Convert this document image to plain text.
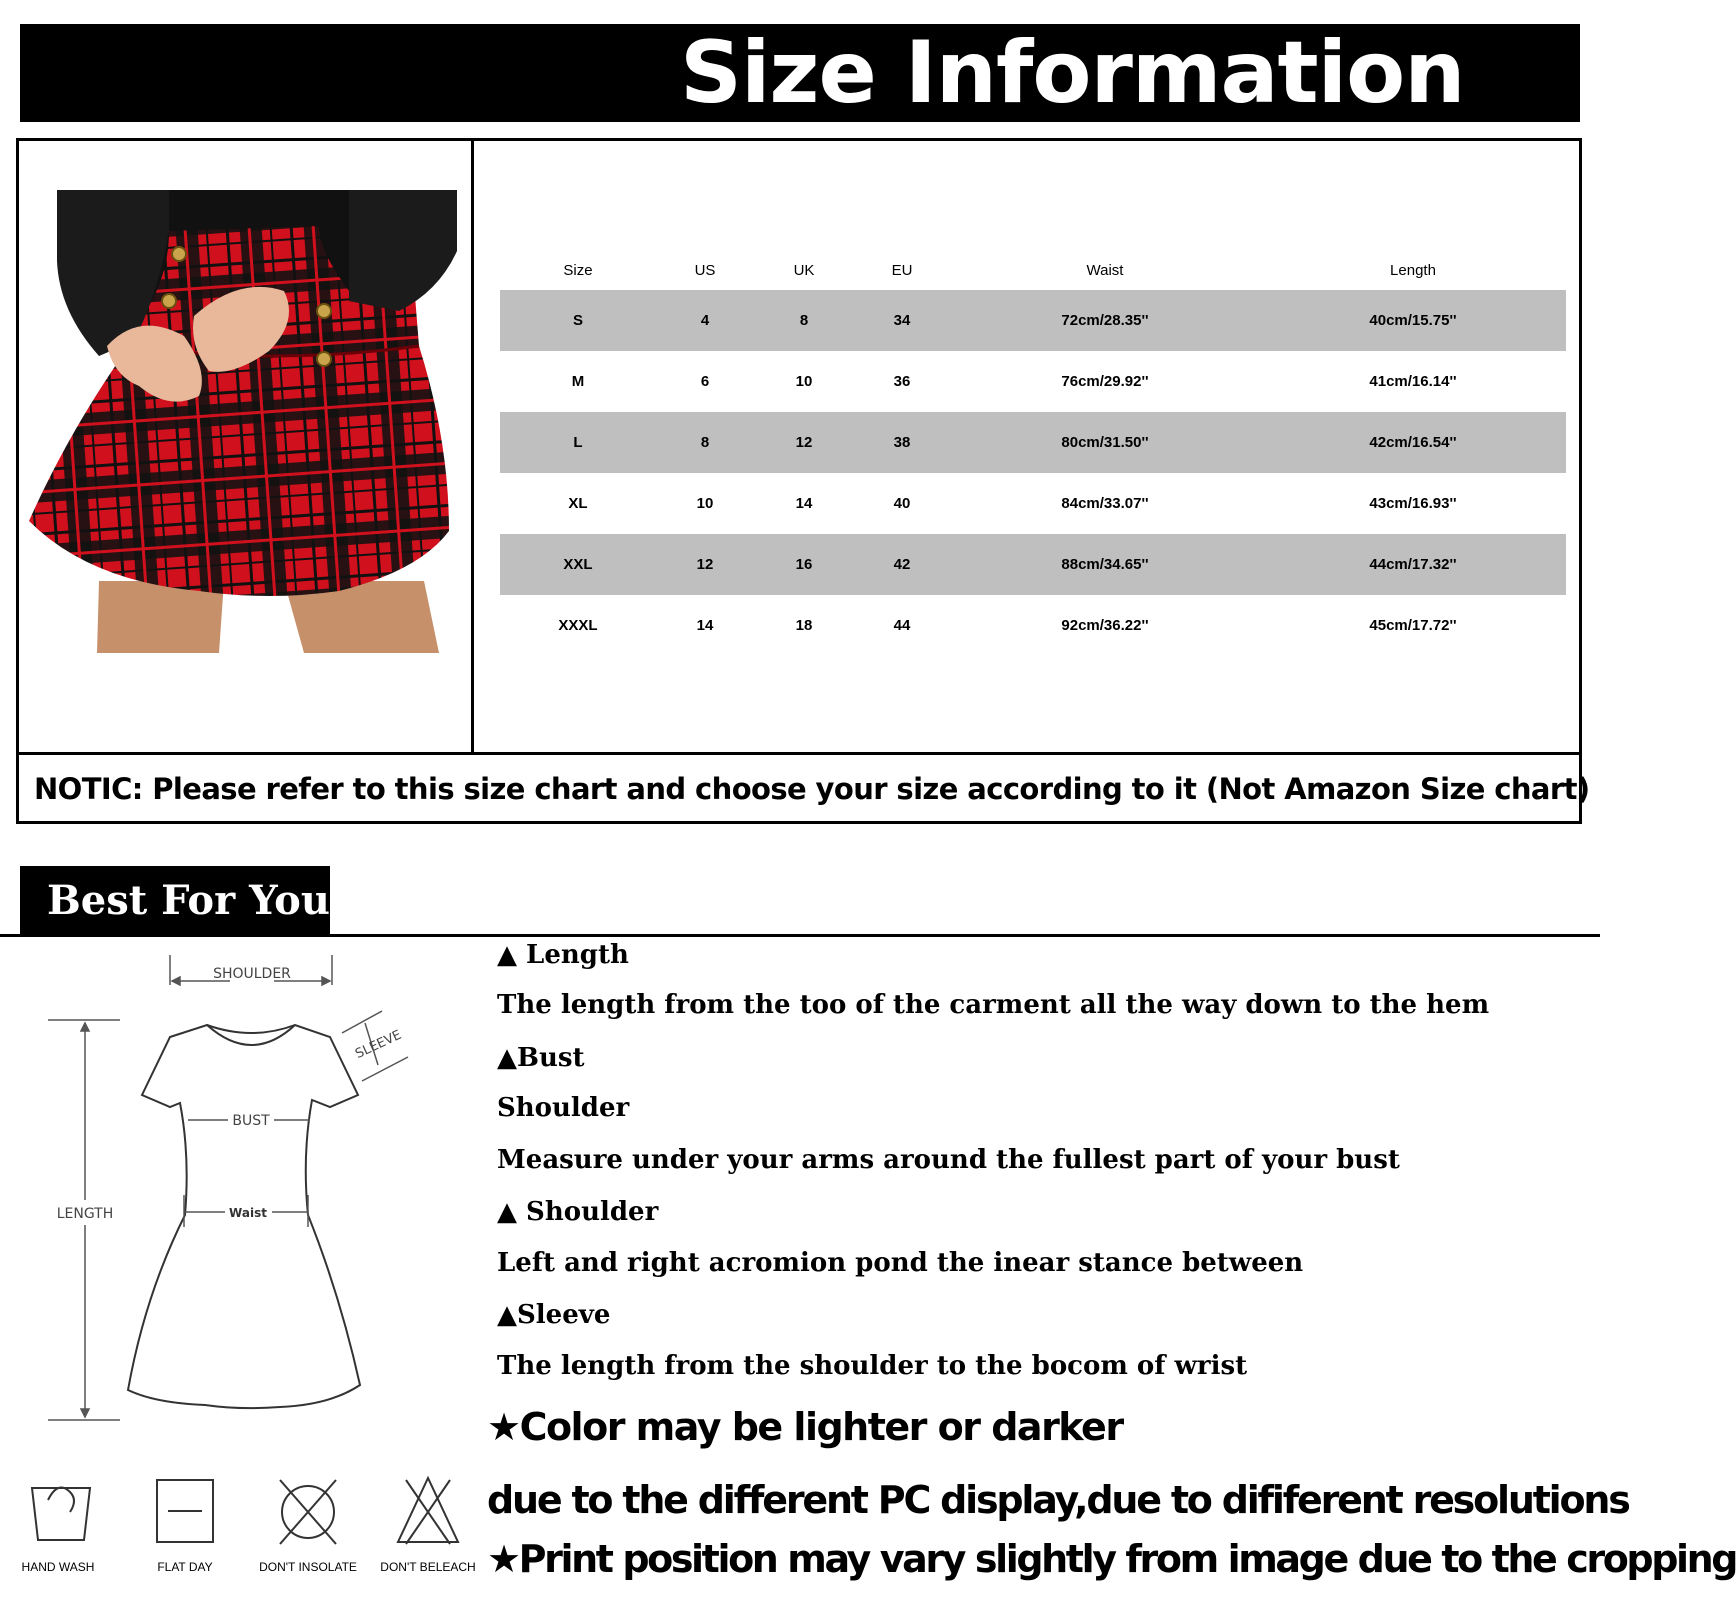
Size Information
Size	US	UK	EU	Waist	Length
S	4	8	34	72cm/28.35''	40cm/15.75''
M	6	10	36	76cm/29.92''	41cm/16.14''
L	8	12	38	80cm/31.50''	42cm/16.54''
XL	10	14	40	84cm/33.07''	43cm/16.93''
XXL	12	16	42	88cm/34.65''	44cm/17.32''
XXXL	14	18	44	92cm/36.22''	45cm/17.72''
NOTIC: Please refer to this size chart and choose your size according to it (Not Amazon Size chart)
Best For You
SHOULDER
LENGTH
BUST
Waist
SLEEVE
HAND WASH	FLAT DAY	DON'T INSOLATE	DON'T BELEACH
▲ Length
The length from the too of the carment all the way down to the hem
▲Bust
Shoulder
Measure under your arms around the fullest part of your bust
▲ Shoulder
Left and right acromion pond the inear stance between
▲Sleeve
The length from the shoulder to the bocom of wrist
★Color may be lighter or darker
due to the different PC display,due to dififerent resolutions
★Print position may vary slightly from image due to the cropping
